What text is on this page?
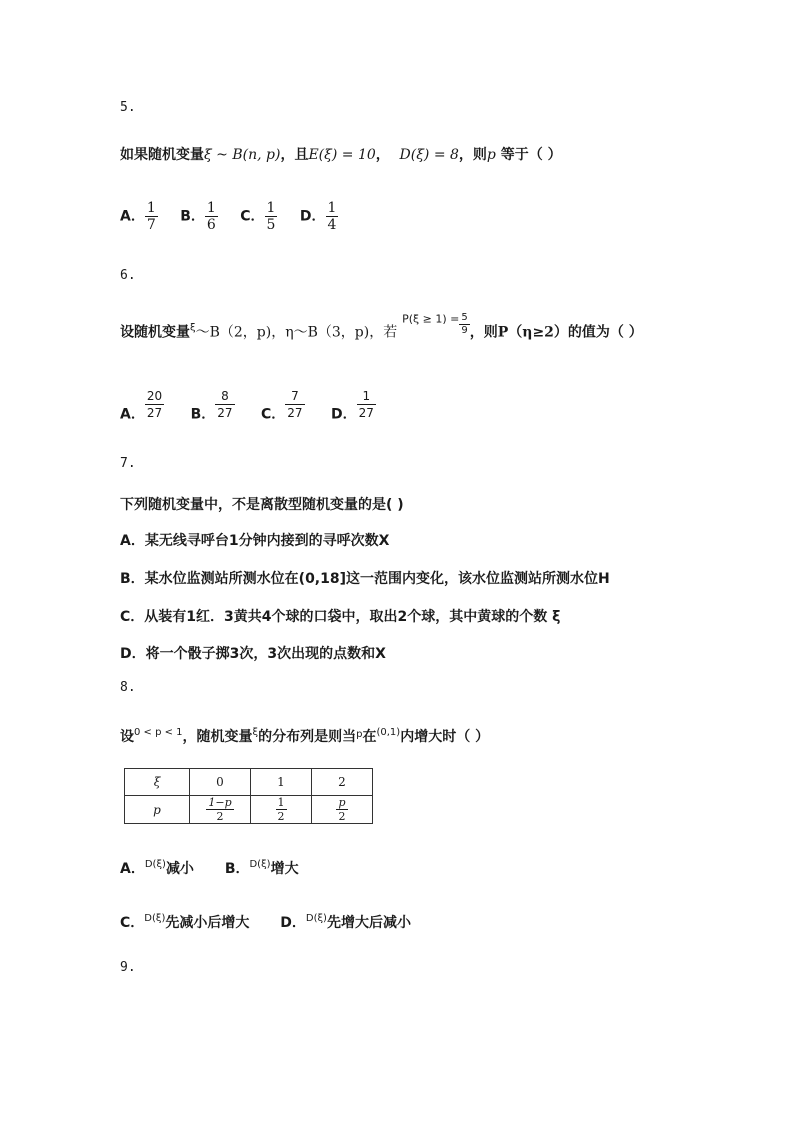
5.
如果随机变量ξ ~ B(n, p)，且E(ξ) = 10， D(ξ) = 8，则p 等于（ ）
A． $\frac{1}{7}$ B． $\frac{1}{6}$ C． $\frac{1}{5}$ D． $\frac{1}{4}$
6.
设随机变量$^\xi$～B（2，p)，η～B（3，p)，若 $^{P(\xi \ge 1) =} \frac{5}{9}$ ，则P（η≥2）的值为（ ）
A． $\frac{20}{27}$ B． $\frac{8}{27}$ C． $\frac{7}{27}$ D． $\frac{1}{27}$
7.
下列随机变量中，不是离散型随机变量的是( )
A．某无线寻呼台1分钟内接到的寻呼次数X
B．某水位监测站所测水位在(0,18]这一范围内变化，该水位监测站所测水位H
C．从装有1红．3黄共4个球的口袋中，取出2个球，其中黄球的个数 ξ
D．将一个骰子掷3次，3次出现的点数和X
8.
设$^{0 < p < 1}$，随机变量$^\xi$的分布列是则当$^p$在$^{(0,1)}$内增大时（ ）
ξ	0	1	2
p	$\frac{1-p}{2}$	$\frac{1}{2}$	$\frac{p}{2}$
A．$^{D(\xi)}$减小 B．$^{D(\xi)}$增大
C．$^{D(\xi)}$先减小后增大 D．$^{D(\xi)}$先增大后减小
9.
